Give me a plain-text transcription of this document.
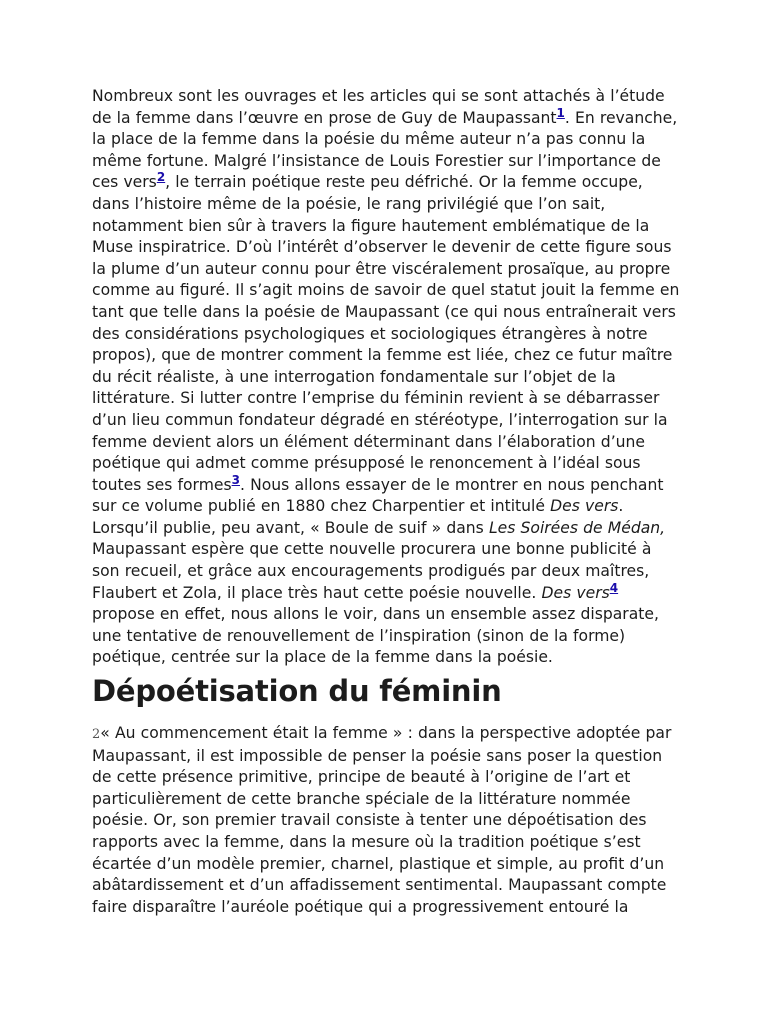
Nombreux sont les ouvrages et les articles qui se sont attachés à l’étude de la femme dans l’œuvre en prose de Guy de Maupassant$^1$. En revanche, la place de la femme dans la poésie du même auteur n’a pas connu la même fortune. Malgré l’insistance de Louis Forestier sur l’importance de ces vers$^2$, le terrain poétique reste peu défriché. Or la femme occupe, dans l’histoire même de la poésie, le rang privilégié que l’on sait, notamment bien sûr à travers la figure hautement emblématique de la Muse inspiratrice. D’où l’intérêt d’observer le devenir de cette figure sous la plume d’un auteur connu pour être viscéralement prosaïque, au propre comme au figuré. Il s’agit moins de savoir de quel statut jouit la femme en tant que telle dans la poésie de Maupassant (ce qui nous entraînerait vers des considérations psychologiques et sociologiques étrangères à notre propos), que de montrer comment la femme est liée, chez ce futur maître du récit réaliste, à une interrogation fondamentale sur l’objet de la littérature. Si lutter contre l’emprise du féminin revient à se débarrasser d’un lieu commun fondateur dégradé en stéréotype, l’interrogation sur la femme devient alors un élément déterminant dans l’élaboration d’une poétique qui admet comme présupposé le renoncement à l’idéal sous toutes ses formes$^3$. Nous allons essayer de le montrer en nous penchant sur ce volume publié en 1880 chez Charpentier et intitulé Des vers. Lorsqu’il publie, peu avant, « Boule de suif » dans Les Soirées de Médan, Maupassant espère que cette nouvelle procurera une bonne publicité à son recueil, et grâce aux encouragements prodigués par deux maîtres, Flaubert et Zola, il place très haut cette poésie nouvelle. Des vers$^4$ propose en effet, nous allons le voir, dans un ensemble assez disparate, une tentative de renouvellement de l’inspiration (sinon de la forme) poétique, centrée sur la place de la femme dans la poésie.

Dépoétisation du féminin

2« Au commencement était la femme » : dans la perspective adoptée par Maupassant, il est impossible de penser la poésie sans poser la question de cette présence primitive, principe de beauté à l’origine de l’art et particulièrement de cette branche spéciale de la littérature nommée poésie. Or, son premier travail consiste à tenter une dépoétisation des rapports avec la femme, dans la mesure où la tradition poétique s’est écartée d’un modèle premier, charnel, plastique et simple, au profit d’un abâtardissement et d’un affadissement sentimental. Maupassant compte faire disparaître l’auréole poétique qui a progressivement entouré la
